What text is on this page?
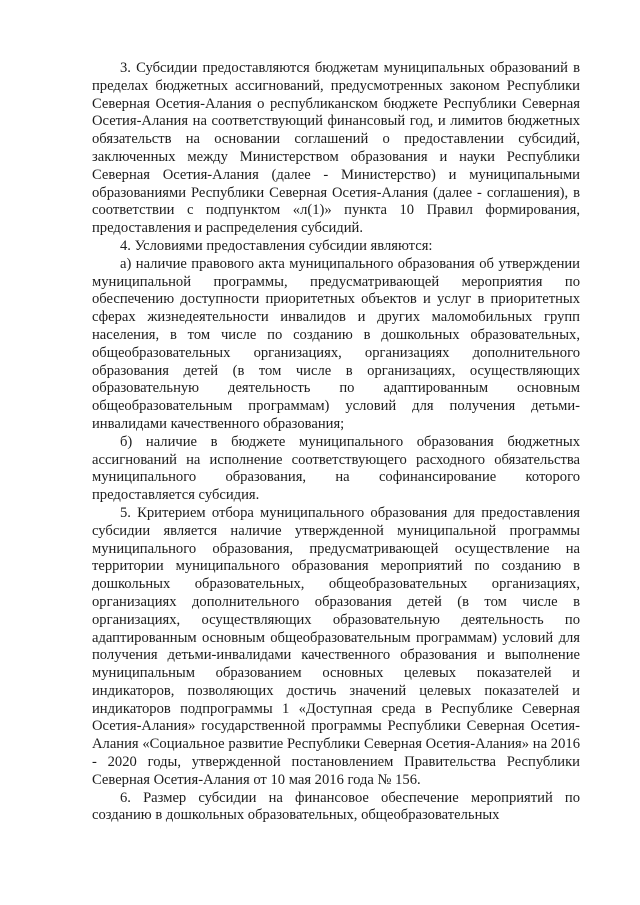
3. Субсидии предоставляются бюджетам муниципальных образований в пределах бюджетных ассигнований, предусмотренных законом Республики Северная Осетия-Алания о республиканском бюджете Республики Северная Осетия-Алания на соответствующий финансовый год, и лимитов бюджетных обязательств на основании соглашений о предоставлении субсидий, заключенных между Министерством образования и науки Республики Северная Осетия-Алания (далее - Министерство) и муниципальными образованиями Республики Северная Осетия-Алания (далее - соглашения), в соответствии с подпунктом «л(1)» пункта 10 Правил формирования, предоставления и распределения субсидий.

4. Условиями предоставления субсидии являются:

а) наличие правового акта муниципального образования об утверждении муниципальной программы, предусматривающей мероприятия по обеспечению доступности приоритетных объектов и услуг в приоритетных сферах жизнедеятельности инвалидов и других маломобильных групп населения, в том числе по созданию в дошкольных образовательных, общеобразовательных организациях, организациях дополнительного образования детей (в том числе в организациях, осуществляющих образовательную деятельность по адаптированным основным общеобразовательным программам) условий для получения детьми-инвалидами качественного образования;

б) наличие в бюджете муниципального образования бюджетных ассигнований на исполнение соответствующего расходного обязательства муниципального образования, на софинансирование которого предоставляется субсидия.

5. Критерием отбора муниципального образования для предоставления субсидии является наличие утвержденной муниципальной программы муниципального образования, предусматривающей осуществление на территории муниципального образования мероприятий по созданию в дошкольных образовательных, общеобразовательных организациях, организациях дополнительного образования детей (в том числе в организациях, осуществляющих образовательную деятельность по адаптированным основным общеобразовательным программам) условий для получения детьми-инвалидами качественного образования и выполнение муниципальным образованием основных целевых показателей и индикаторов, позволяющих достичь значений целевых показателей и индикаторов подпрограммы 1 «Доступная среда в Республике Северная Осетия-Алания» государственной программы Республики Северная Осетия-Алания «Социальное развитие Республики Северная Осетия-Алания» на 2016 - 2020 годы, утвержденной постановлением Правительства Республики Северная Осетия-Алания от 10 мая 2016 года № 156.

6. Размер субсидии на финансовое обеспечение мероприятий по созданию в дошкольных образовательных, общеобразовательных
